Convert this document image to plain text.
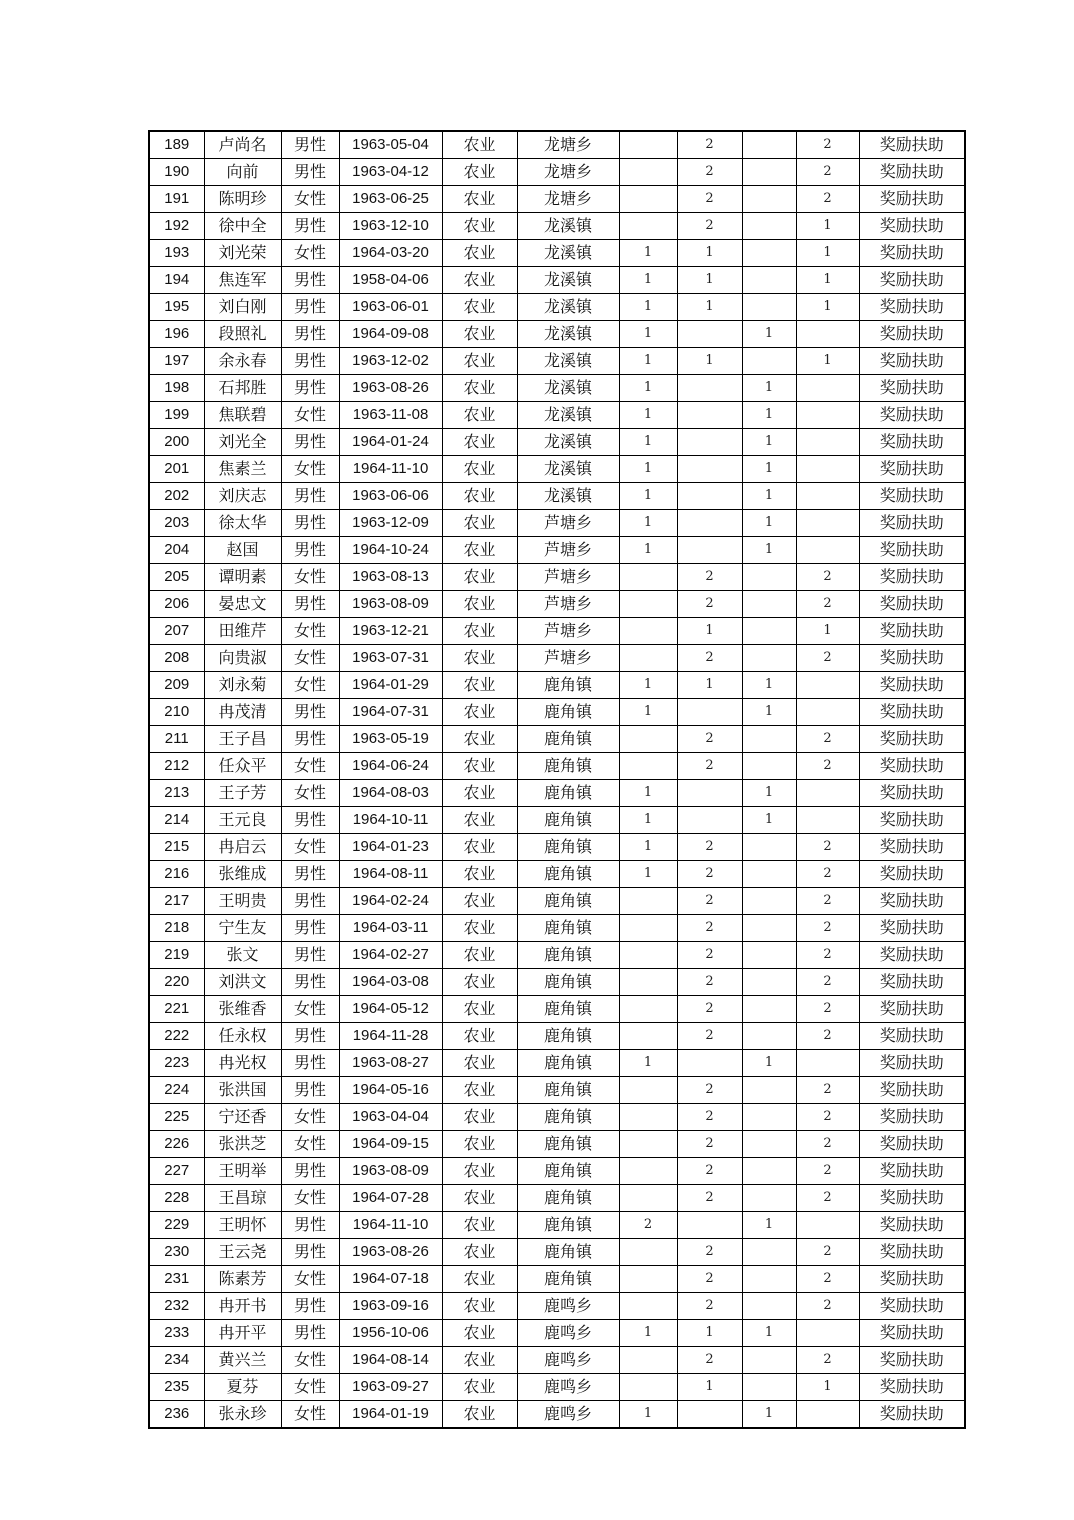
189	卢尚名	男性	1963-05-04	农业	龙塘乡		2		2	奖励扶助
190	向前	男性	1963-04-12	农业	龙塘乡		2		2	奖励扶助
191	陈明珍	女性	1963-06-25	农业	龙塘乡		2		2	奖励扶助
192	徐中全	男性	1963-12-10	农业	龙溪镇		2		1	奖励扶助
193	刘光荣	女性	1964-03-20	农业	龙溪镇	1	1		1	奖励扶助
194	焦连军	男性	1958-04-06	农业	龙溪镇	1	1		1	奖励扶助
195	刘白刚	男性	1963-06-01	农业	龙溪镇	1	1		1	奖励扶助
196	段照礼	男性	1964-09-08	农业	龙溪镇	1		1		奖励扶助
197	余永春	男性	1963-12-02	农业	龙溪镇	1	1		1	奖励扶助
198	石邦胜	男性	1963-08-26	农业	龙溪镇	1		1		奖励扶助
199	焦联碧	女性	1963-11-08	农业	龙溪镇	1		1		奖励扶助
200	刘光全	男性	1964-01-24	农业	龙溪镇	1		1		奖励扶助
201	焦素兰	女性	1964-11-10	农业	龙溪镇	1		1		奖励扶助
202	刘庆志	男性	1963-06-06	农业	龙溪镇	1		1		奖励扶助
203	徐太华	男性	1963-12-09	农业	芦塘乡	1		1		奖励扶助
204	赵国	男性	1964-10-24	农业	芦塘乡	1		1		奖励扶助
205	谭明素	女性	1963-08-13	农业	芦塘乡		2		2	奖励扶助
206	晏忠文	男性	1963-08-09	农业	芦塘乡		2		2	奖励扶助
207	田维芹	女性	1963-12-21	农业	芦塘乡		1		1	奖励扶助
208	向贵淑	女性	1963-07-31	农业	芦塘乡		2		2	奖励扶助
209	刘永菊	女性	1964-01-29	农业	鹿角镇	1	1	1		奖励扶助
210	冉茂清	男性	1964-07-31	农业	鹿角镇	1		1		奖励扶助
211	王子昌	男性	1963-05-19	农业	鹿角镇		2		2	奖励扶助
212	任众平	女性	1964-06-24	农业	鹿角镇		2		2	奖励扶助
213	王子芳	女性	1964-08-03	农业	鹿角镇	1		1		奖励扶助
214	王元良	男性	1964-10-11	农业	鹿角镇	1		1		奖励扶助
215	冉启云	女性	1964-01-23	农业	鹿角镇	1	2		2	奖励扶助
216	张维成	男性	1964-08-11	农业	鹿角镇	1	2		2	奖励扶助
217	王明贵	男性	1964-02-24	农业	鹿角镇		2		2	奖励扶助
218	宁生友	男性	1964-03-11	农业	鹿角镇		2		2	奖励扶助
219	张文	男性	1964-02-27	农业	鹿角镇		2		2	奖励扶助
220	刘洪文	男性	1964-03-08	农业	鹿角镇		2		2	奖励扶助
221	张维香	女性	1964-05-12	农业	鹿角镇		2		2	奖励扶助
222	任永权	男性	1964-11-28	农业	鹿角镇		2		2	奖励扶助
223	冉光权	男性	1963-08-27	农业	鹿角镇	1		1		奖励扶助
224	张洪国	男性	1964-05-16	农业	鹿角镇		2		2	奖励扶助
225	宁还香	女性	1963-04-04	农业	鹿角镇		2		2	奖励扶助
226	张洪芝	女性	1964-09-15	农业	鹿角镇		2		2	奖励扶助
227	王明举	男性	1963-08-09	农业	鹿角镇		2		2	奖励扶助
228	王昌琼	女性	1964-07-28	农业	鹿角镇		2		2	奖励扶助
229	王明怀	男性	1964-11-10	农业	鹿角镇	2		1		奖励扶助
230	王云尧	男性	1963-08-26	农业	鹿角镇		2		2	奖励扶助
231	陈素芳	女性	1964-07-18	农业	鹿角镇		2		2	奖励扶助
232	冉开书	男性	1963-09-16	农业	鹿鸣乡		2		2	奖励扶助
233	冉开平	男性	1956-10-06	农业	鹿鸣乡	1	1	1		奖励扶助
234	黄兴兰	女性	1964-08-14	农业	鹿鸣乡		2		2	奖励扶助
235	夏芬	女性	1963-09-27	农业	鹿鸣乡		1		1	奖励扶助
236	张永珍	女性	1964-01-19	农业	鹿鸣乡	1		1		奖励扶助
